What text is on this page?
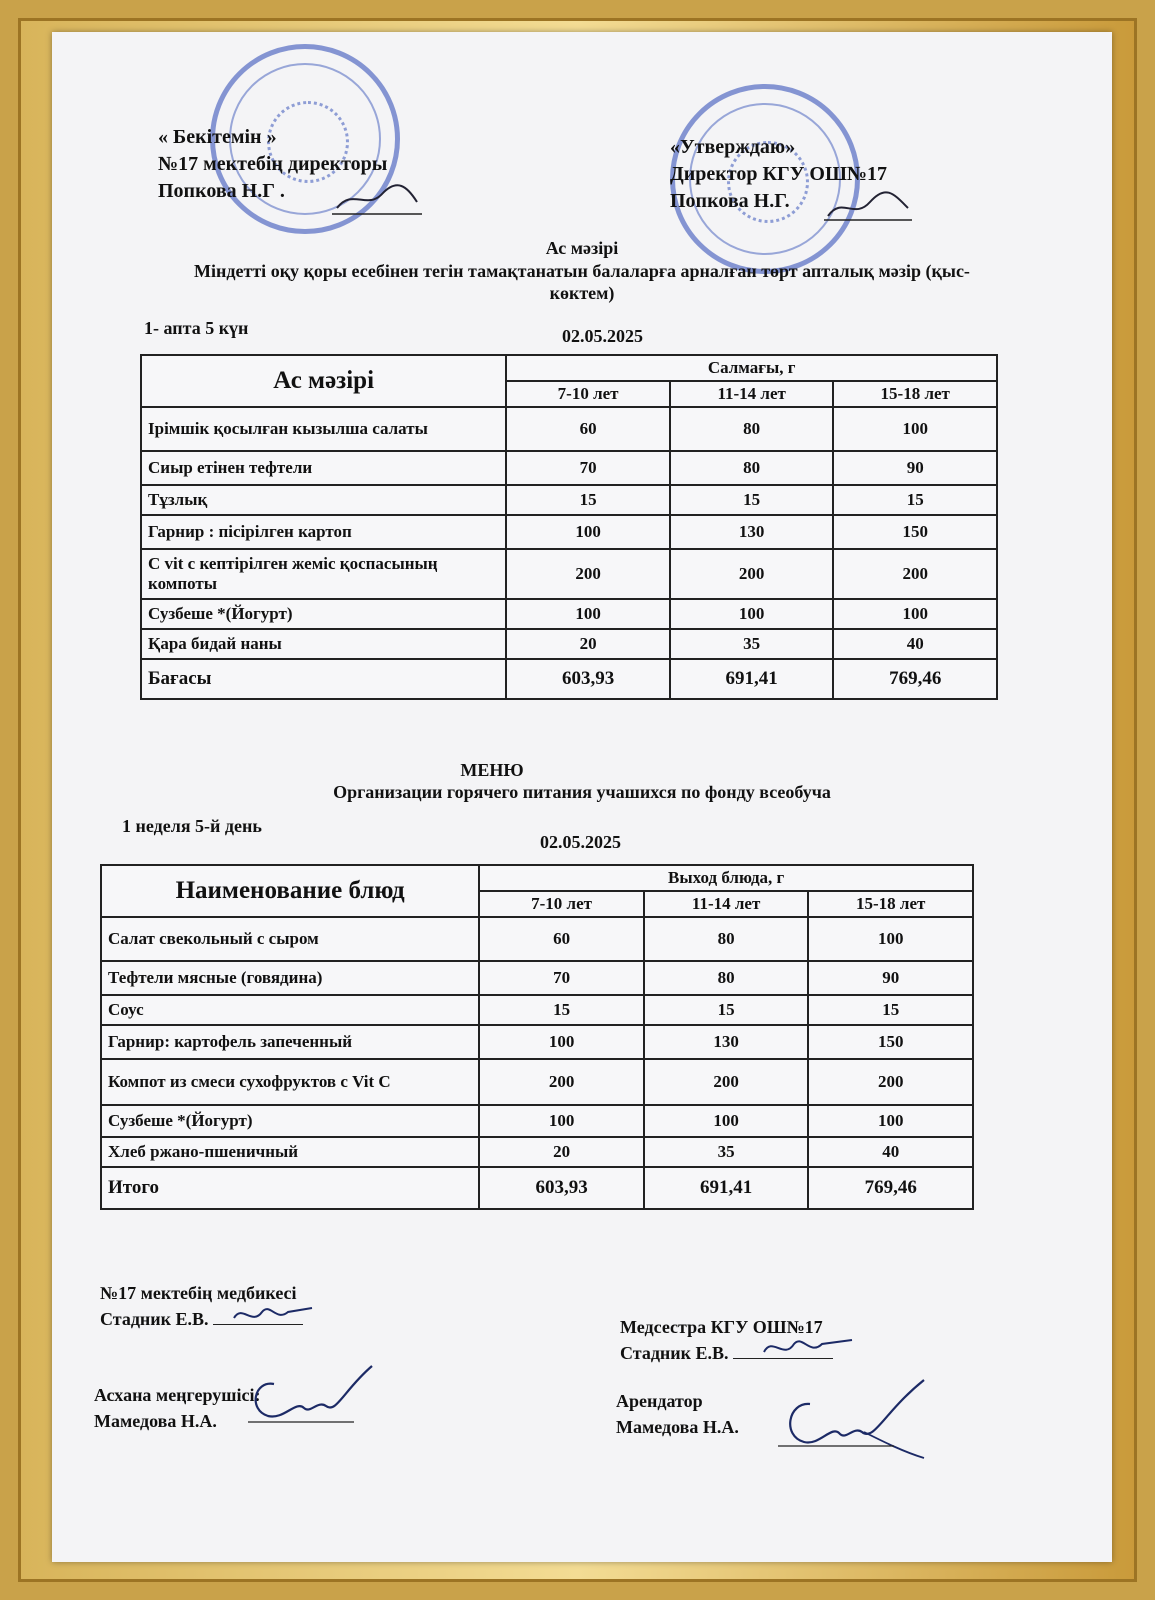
« Бекітемін »
№17 мектебің директоры
Попкова Н.Г .
«Утверждаю»
Директор КГУ ОШ№17
Попкова Н.Г.
Ас мәзірі
Міндетті оқу қоры есебінен тегін тамақтанатын балаларға арналған төрт апталық мәзір (қыс-көктем)
1- апта 5 күн	02.05.2025
Ас мәзірі	Салмағы, г		
	7-10 лет	11-14 лет	15-18 лет
Ірімшік қосылған кызылша салаты	60	80	100
Сиыр етінен тефтели	70	80	90
Тұзлық	15	15	15
Гарнир : пісірілген картоп	100	130	150
С vit с кептірілген жеміс қоспасының компоты	200	200	200
Сузбеше *(Йогурт)	100	100	100
Қара бидай наны	20	35	40
Бағасы	603,93	691,41	769,46
МЕНЮ
Организации горячего питания учашихся по фонду всеобуча
1 неделя 5-й день
02.05.2025
Наименование блюд	Выход блюда, г		
	7-10 лет	11-14 лет	15-18 лет
Салат свекольный с сыром	60	80	100
Тефтели мясные (говядина)	70	80	90
Соус	15	15	15
Гарнир: картофель запеченный	100	130	150
Компот из смеси сухофруктов с Vit C	200	200	200
Сузбеше *(Йогурт)	100	100	100
Хлеб ржано-пшеничный	20	35	40
Итого	603,93	691,41	769,46
№17 мектебің медбикесі
Стадник Е.В.	Медсестра КГУ ОШ№17
Стадник Е.В.
Асхана меңгерушісі:
Мамедова Н.А.
Арендатор
Мамедова Н.А.
